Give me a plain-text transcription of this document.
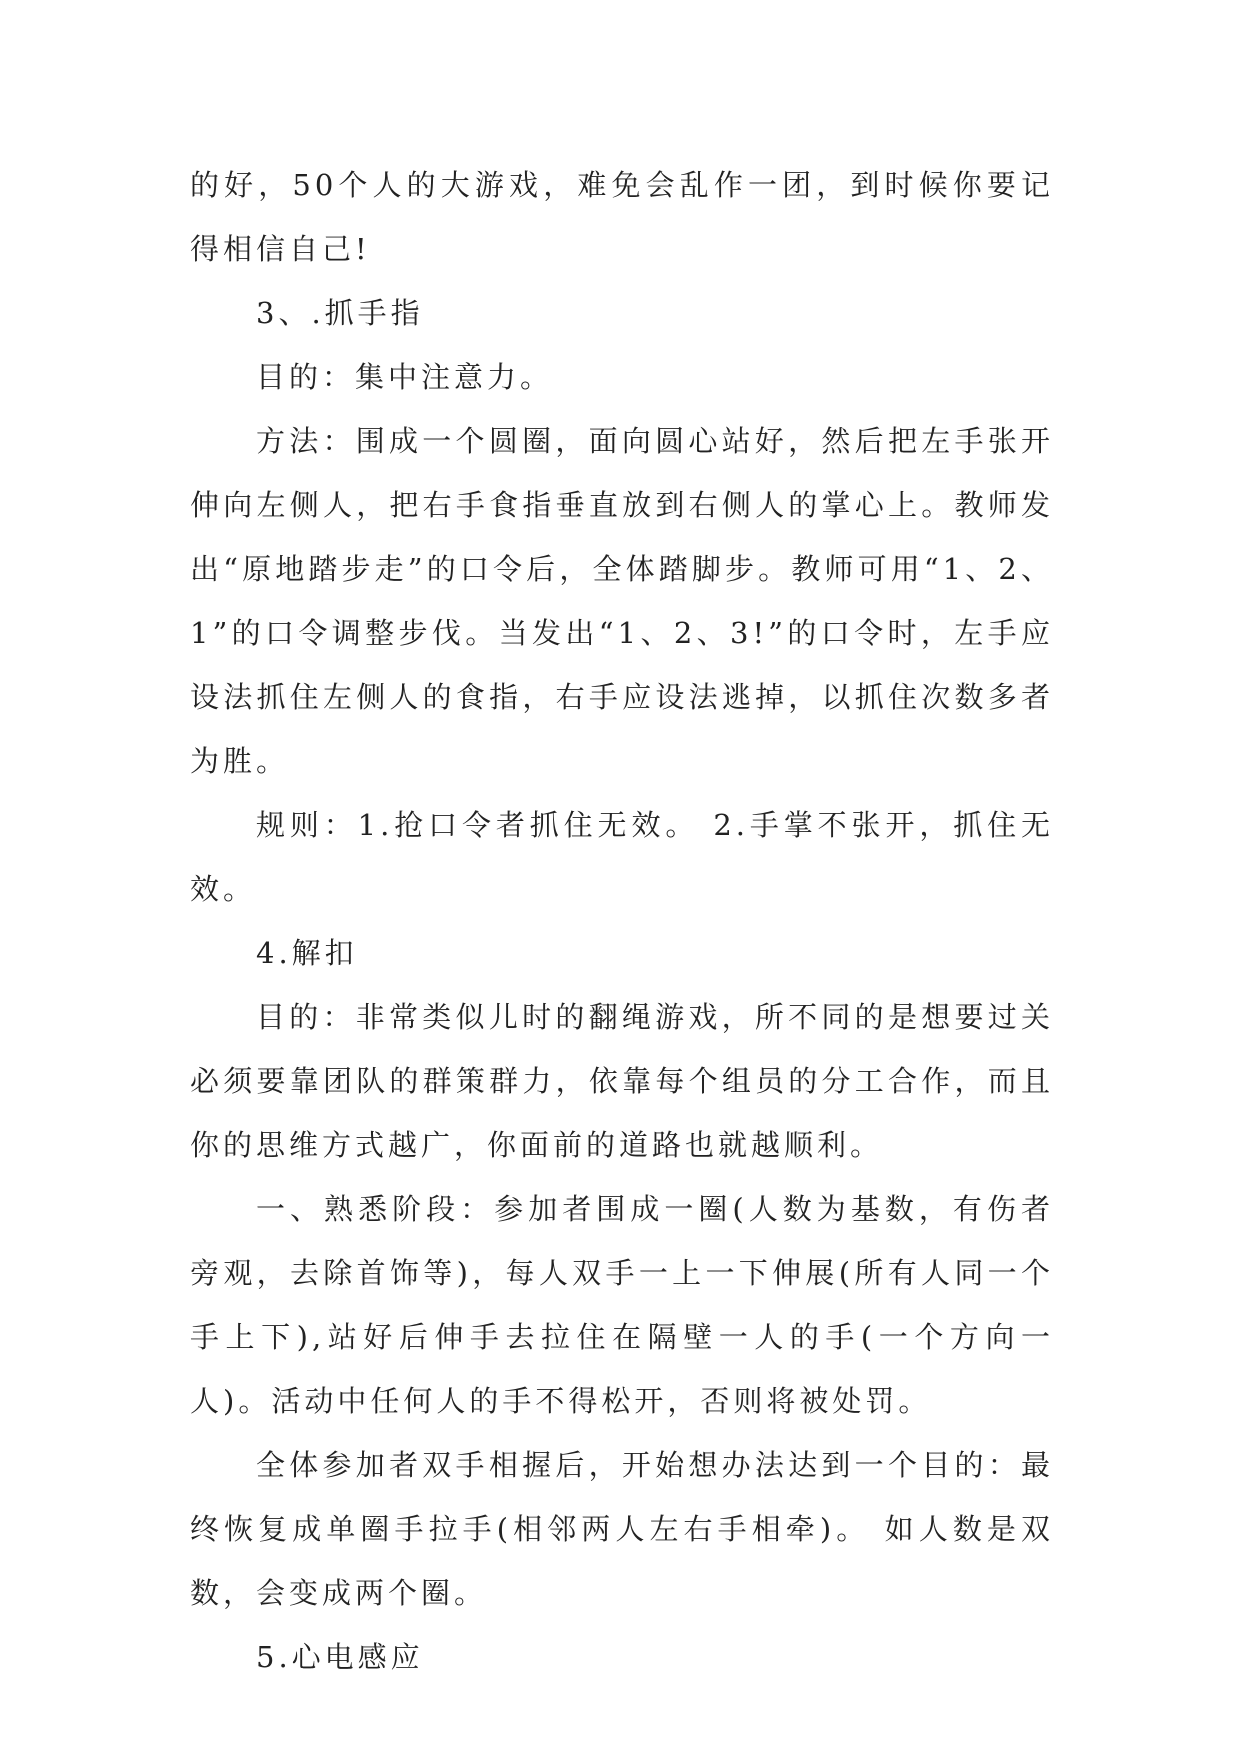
的好，50个人的大游戏，难免会乱作一团，到时候你要记得相信自己!

3、.抓手指

目的：集中注意力。

方法：围成一个圆圈，面向圆心站好，然后把左手张开伸向左侧人，把右手食指垂直放到右侧人的掌心上。教师发出“原地踏步走”的口令后，全体踏脚步。教师可用“1、2、1”的口令调整步伐。当发出“1、2、3!”的口令时，左手应设法抓住左侧人的食指，右手应设法逃掉，以抓住次数多者为胜。

规则：1.抢口令者抓住无效。 2.手掌不张开，抓住无效。

4.解扣

目的：非常类似儿时的翻绳游戏，所不同的是想要过关必须要靠团队的群策群力，依靠每个组员的分工合作，而且你的思维方式越广，你面前的道路也就越顺利。

一、熟悉阶段：参加者围成一圈(人数为基数，有伤者旁观，去除首饰等)，每人双手一上一下伸展(所有人同一个手上下),站好后伸手去拉住在隔壁一人的手(一个方向一人)。活动中任何人的手不得松开，否则将被处罚。

全体参加者双手相握后，开始想办法达到一个目的：最终恢复成单圈手拉手(相邻两人左右手相牵)。 如人数是双数，会变成两个圈。

5.心电感应
